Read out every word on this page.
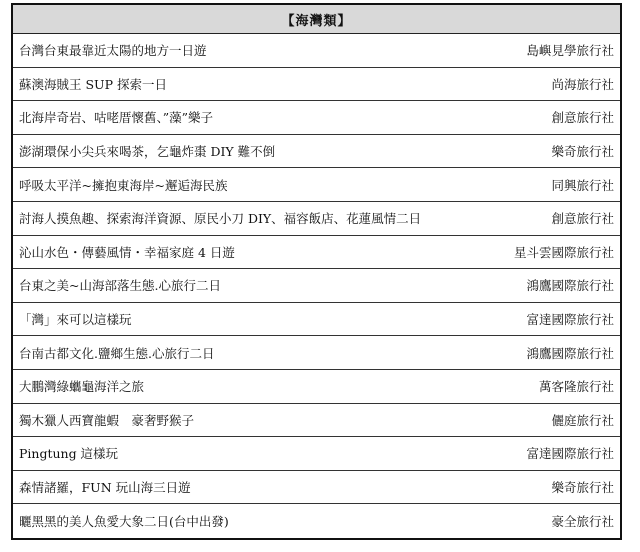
【海灣類】
台灣台東最靠近太陽的地方一日遊	島嶼見學旅行社
蘇澳海賊王 SUP 探索一日	尚海旅行社
北海岸奇岩、咕咾厝懷舊、”藻”樂子	創意旅行社
澎湖環保小尖兵來喝茶，乞龜炸棗 DIY 難不倒	樂奇旅行社
呼吸太平洋~擁抱東海岸~邂逅海民族	同興旅行社
討海人摸魚趣、探索海洋資源、原民小刀 DIY、福容飯店、花蓮風情二日	創意旅行社
沁山水色・傳藝風情・幸福家庭 4 日遊	星斗雲國際旅行社
台東之美~山海部落生態.心旅行二日	鴻鷹國際旅行社
「灣」來可以這樣玩	富達國際旅行社
台南古都文化.鹽鄉生態.心旅行二日	鴻鷹國際旅行社
大鵬灣綠蠵龜海洋之旅	萬客隆旅行社
獨木獵人西寶龍蝦　豪奢野猴子	儷庭旅行社
Pingtung 這樣玩	富達國際旅行社
森情諸羅，FUN 玩山海三日遊	樂奇旅行社
曬黑黑的美人魚愛大象二日(台中出發)	豪全旅行社
